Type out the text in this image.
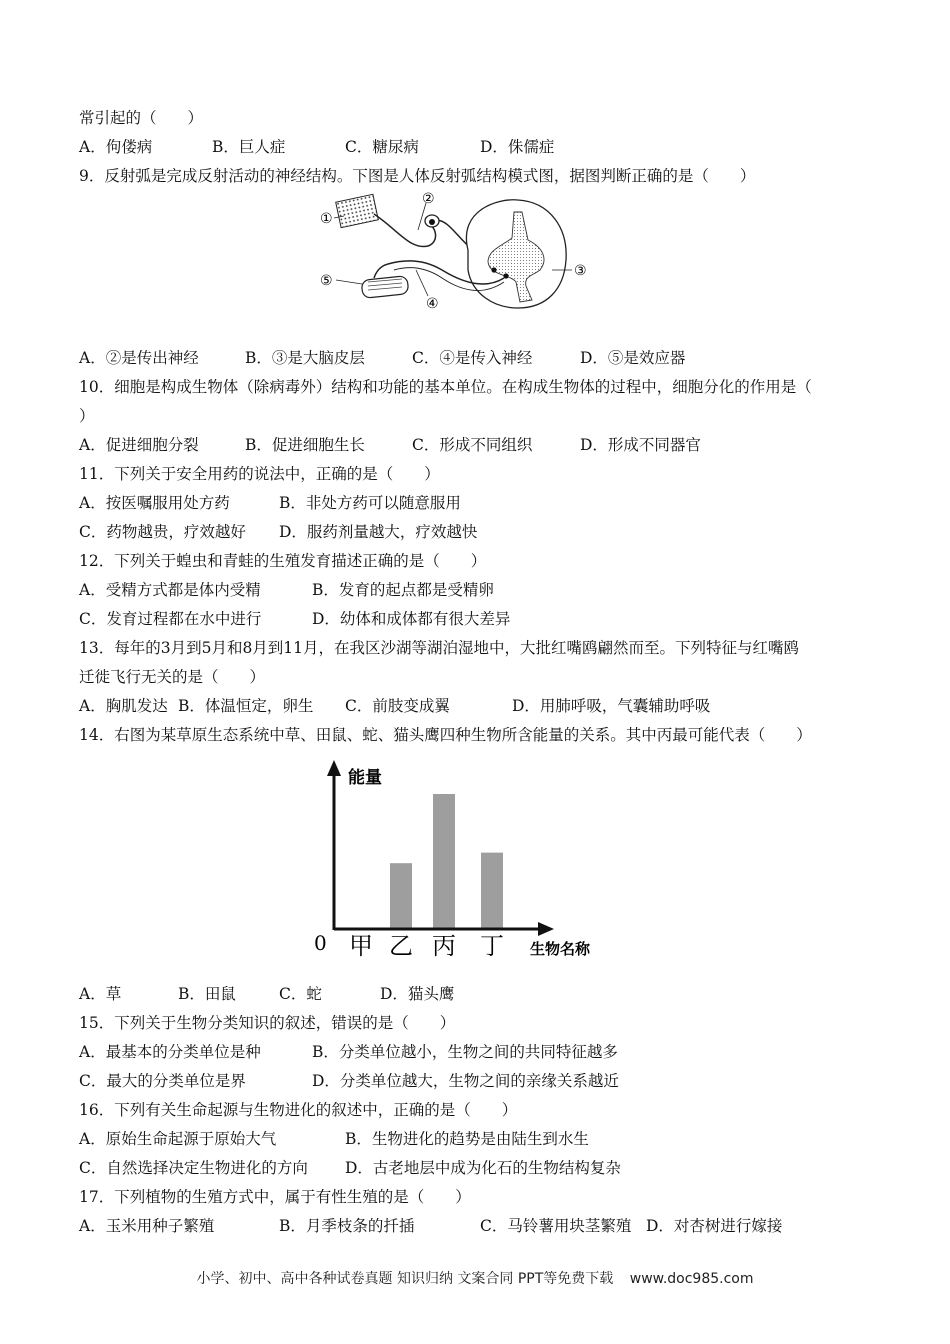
常引起的（　　）
A．佝偻病	B．巨人症	C．糖尿病	D．侏儒症
9．反射弧是完成反射活动的神经结构。下图是人体反射弧结构模式图，据图判断正确的是（　　）
①
②
③
④
⑤
A．②是传出神经	B．③是大脑皮层	C．④是传入神经	D．⑤是效应器
10．细胞是构成生物体（除病毒外）结构和功能的基本单位。在构成生物体的过程中，细胞分化的作用是（
）
A．促进细胞分裂	B．促进细胞生长	C．形成不同组织	D．形成不同器官
11．下列关于安全用药的说法中，正确的是（　　）
A．按医嘱服用处方药	B．非处方药可以随意服用
C．药物越贵，疗效越好 D．服药剂量越大，疗效越快
12．下列关于蝗虫和青蛙的生殖发育描述正确的是（　　）
A．受精方式都是体内受精	B．发育的起点都是受精卵
C．发育过程都在水中进行	D．幼体和成体都有很大差异
13．每年的3月到5月和8月到11月，在我区沙湖等湖泊湿地中，大批红嘴鸥翩然而至。下列特征与红嘴鸥
迁徙飞行无关的是（　　）
A．胸肌发达 B．体温恒定，卵生 C．前肢变成翼	D．用肺呼吸，气囊辅助呼吸
14．右图为某草原生态系统中草、田鼠、蛇、猫头鹰四种生物所含能量的关系。其中丙最可能代表（　　）
能量
0	生物名称
甲 乙 丙 丁
A．草	B．田鼠	C．蛇	D．猫头鹰
15．下列关于生物分类知识的叙述，错误的是（　　）
A．最基本的分类单位是种	B．分类单位越小，生物之间的共同特征越多
C．最大的分类单位是界	D．分类单位越大，生物之间的亲缘关系越近
16．下列有关生命起源与生物进化的叙述中，正确的是（　　）
A．原始生命起源于原始大气	B．生物进化的趋势是由陆生到水生
C．自然选择决定生物进化的方向 D．古老地层中成为化石的生物结构复杂
17．下列植物的生殖方式中，属于有性生殖的是（　　）
A．玉米用种子繁殖	B．月季枝条的扦插	C．马铃薯用块茎繁殖 D．对杏树进行嫁接
小学、初中、高中各种试卷真题 知识归纳 文案合同 PPT等免费下载 www.doc985.com
